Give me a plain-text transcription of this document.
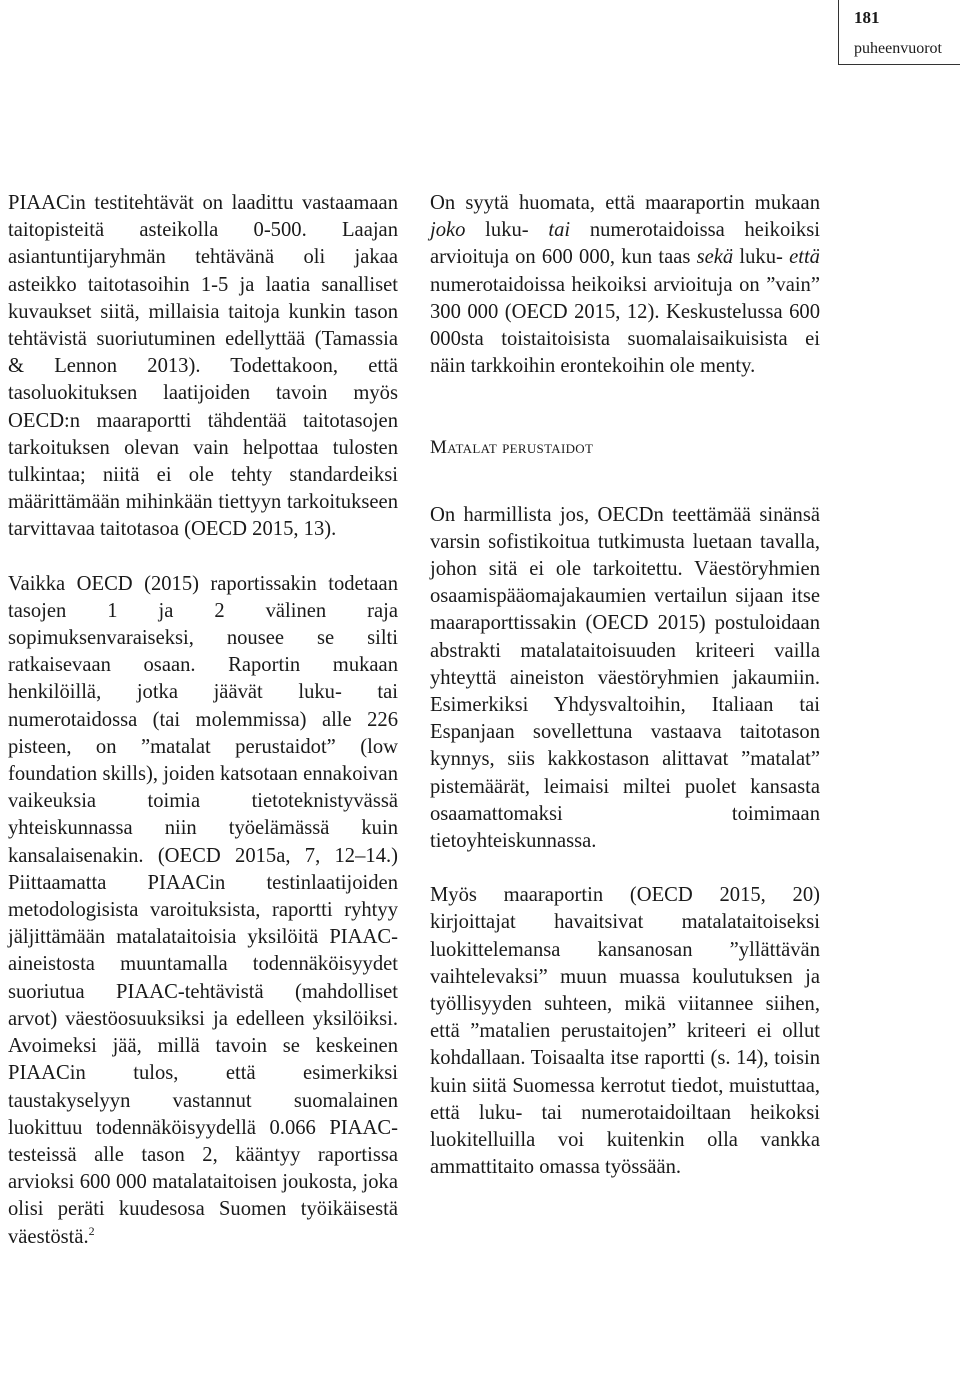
181
puheenvuorot

PIAACin testitehtävät on laadittu vastaamaan taitopisteitä asteikolla 0-500. Laajan asiantuntijaryhmän tehtävänä oli jakaa asteikko taitotasoihin 1-5 ja laatia sanalliset kuvaukset siitä, millaisia taitoja kunkin tason tehtävistä suoriutuminen edellyttää (Tamassia & Lennon 2013). Todettakoon, että tasoluokituksen laatijoiden tavoin myös OECD:n maaraportti tähdentää taitotasojen tarkoituksen olevan vain helpottaa tulosten tulkintaa; niitä ei ole tehty standardeiksi määrittämään mihinkään tiettyyn tarkoitukseen tarvittavaa taitotasoa (OECD 2015, 13).

Vaikka OECD (2015) raportissakin todetaan tasojen 1 ja 2 välinen raja sopimuksenvaraiseksi, nousee se silti ratkaisevaan osaan. Raportin mukaan henkilöillä, jotka jäävät luku- tai numerotaidossa (tai molemmissa) alle 226 pisteen, on ”matalat perustaidot” (low foundation skills), joiden katsotaan ennakoivan vaikeuksia toimia tietoteknistyvässä yhteiskunnassa niin työelämässä kuin kansalaisenakin. (OECD 2015a, 7, 12–14.) Piittaamatta PIAACin testinlaatijoiden metodologisista varoituksista, raportti ryhtyy jäljittämään matalataitoisia yksilöitä PIAAC-aineistosta muuntamalla todennäköisyydet suoriutua PIAAC-tehtävistä (mahdolliset arvot) väestöosuuksiksi ja edelleen yksilöiksi. Avoimeksi jää, millä tavoin se keskeinen PIAACin tulos, että esimerkiksi taustakyselyyn vastannut suomalainen luokittuu todennäköisyydellä 0.066 PIAAC-testeissä alle tason 2, kääntyy raportissa arvioksi 600 000 matalataitoisen joukosta, joka olisi peräti kuudesosa Suomen työikäisestä väestöstä.$^2$

On syytä huomata, että maaraportin mukaan joko luku- tai numerotaidoissa heikoiksi arvioituja on 600 000, kun taas sekä luku- että numerotaidoissa heikoiksi arvioituja on ”vain” 300 000 (OECD 2015, 12). Keskustelussa 600 000sta toistaitoisista suomalaisaikuisista ei näin tarkkoihin erontekoihin ole menty.

Matalat perustaidot

On harmillista jos, OECDn teettämää sinänsä varsin sofistikoitua tutkimusta luetaan tavalla, johon sitä ei ole tarkoitettu. Väestöryhmien osaamispääomajakaumien vertailun sijaan itse maaraporttissakin (OECD 2015) postuloidaan abstrakti matalataitoisuuden kriteeri vailla yhteyttä aineiston väestöryhmien jakaumiin. Esimerkiksi Yhdysvaltoihin, Italiaan tai Espanjaan sovellettuna vastaava taitotason kynnys, siis kakkostason alittavat ”matalat” pistemäärät, leimaisi miltei puolet kansasta osaamattomaksi toimimaan tietoyhteiskunnassa.

Myös maaraportin (OECD 2015, 20) kirjoittajat havaitsivat matalataitoiseksi luokittelemansa kansanosan ”yllättävän vaihtelevaksi” muun muassa koulutuksen ja työllisyyden suhteen, mikä viitannee siihen, että ”matalien perustaitojen” kriteeri ei ollut kohdallaan. Toisaalta itse raportti (s. 14), toisin kuin siitä Suomessa kerrotut tiedot, muistuttaa, että luku- tai numerotaidoiltaan heikoksi luokitelluilla voi kuitenkin olla vankka ammattitaito omassa työssään.
